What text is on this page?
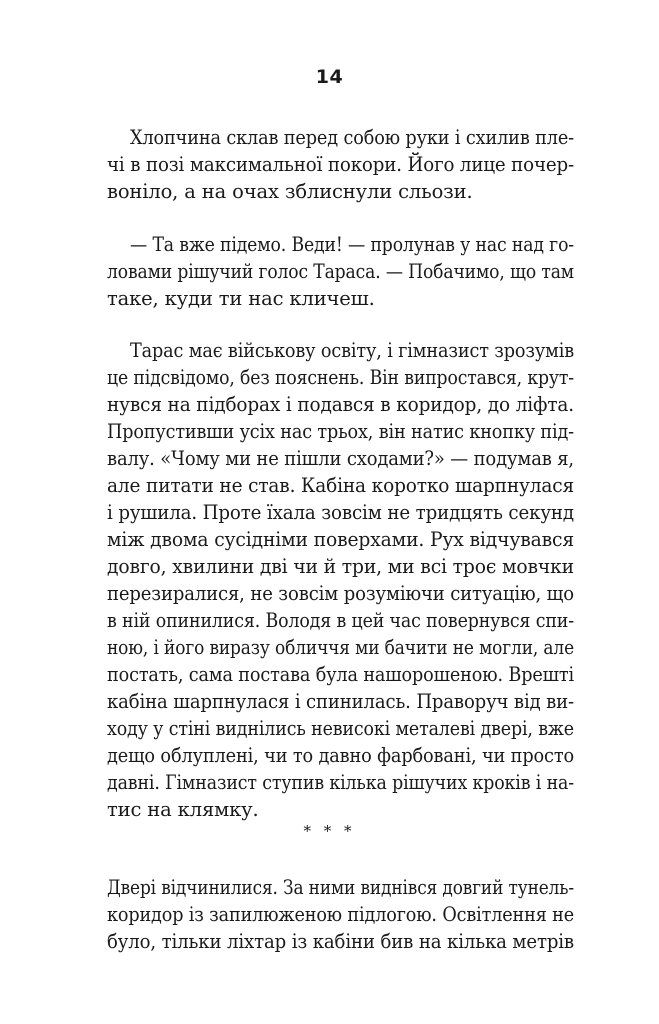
14
Хлопчина склав перед собою руки і схилив пле-
чі в позі максимальної покори. Його лице почер-
воніло, а на очах зблиснули сльози.
— Та вже підемо. Веди! — пролунав у нас над го-
ловами рішучий голос Тараса. — Побачимо, що там
таке, куди ти нас кличеш.
Тарас має військову освіту, і гімназист зрозумів
це підсвідомо, без пояснень. Він випростався, крут-
нувся на підборах і подався в коридор, до ліфта.
Пропустивши усіх нас трьох, він натис кнопку під-
валу. «Чому ми не пішли сходами?» — подумав я,
але питати не став. Кабіна коротко шарпнулася
і рушила. Проте їхала зовсім не тридцять секунд
між двома сусідніми поверхами. Рух відчувався
довго, хвилини дві чи й три, ми всі троє мовчки
перезиралися, не зовсім розуміючи ситуацію, що
в ній опинилися. Володя в цей час повернувся спи-
ною, і його виразу обличчя ми бачити не могли, але
постать, сама постава була нашорошеною. Врешті
кабіна шарпнулася і спинилась. Праворуч від ви-
ходу у стіні виднілись невисокі металеві двері, вже
дещо облуплені, чи то давно фарбовані, чи просто
давні. Гімназист ступив кілька рішучих кроків і на-
тис на клямку.
Двері відчинилися. За ними виднівся довгий тунель-
коридор із запилюженою підлогою. Освітлення не
було, тільки ліхтар із кабіни бив на кілька метрів
* * *
